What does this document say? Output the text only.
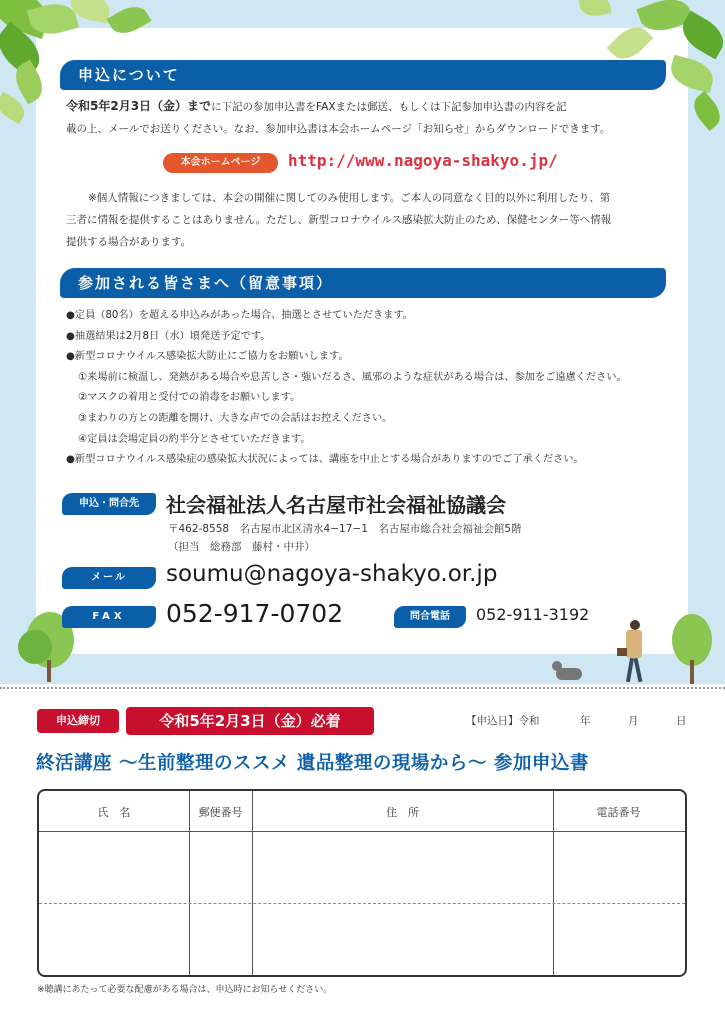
申込について
令和5年2月3日（金）までに下記の参加申込書をFAXまたは郵送、もしくは下記参加申込書の内容を記
載の上、メールでお送りください。なお、参加申込書は本会ホームページ「お知らせ」からダウンロードできます。
本会ホームページ	http://www.nagoya-shakyo.jp/
※個人情報につきましては、本会の開催に関してのみ使用します。ご本人の同意なく目的以外に利用したり、第
三者に情報を提供することはありません。ただし、新型コロナウイルス感染拡大防止のため、保健センター等へ情報
提供する場合があります。
参加される皆さまへ（留意事項）
●定員（80名）を超える申込みがあった場合、抽選とさせていただきます。
●抽選結果は2月8日（水）頃発送予定です。
●新型コロナウイルス感染拡大防止にご協力をお願いします。
①来場前に検温し、発熱がある場合や息苦しさ・強いだるさ、風邪のような症状がある場合は、参加をご遠慮ください。
②マスクの着用と受付での消毒をお願いします。
③まわりの方との距離を開け、大きな声での会話はお控えください。
④定員は会場定員の約半分とさせていただきます。
●新型コロナウイルス感染症の感染拡大状況によっては、講座を中止とする場合がありますのでご了承ください。
申込・問合先	社会福祉法人名古屋市社会福祉協議会
〒462-8558　名古屋市北区清水4−17−1　名古屋市総合社会福祉会館5階
（担当　総務部　藤村・中井）
メール	soumu@nagoya-shakyo.or.jp
FAX	052-917-0702	問合電話	052-911-3192
申込締切	令和5年2月3日（金）必着	【申込日】令和	年	月	日
終活講座 ～生前整理のススメ 遺品整理の現場から～ 参加申込書
氏　名	郵便番号	住　所	電話番号
※聴講にあたって必要な配慮がある場合は、申込時にお知らせください。
